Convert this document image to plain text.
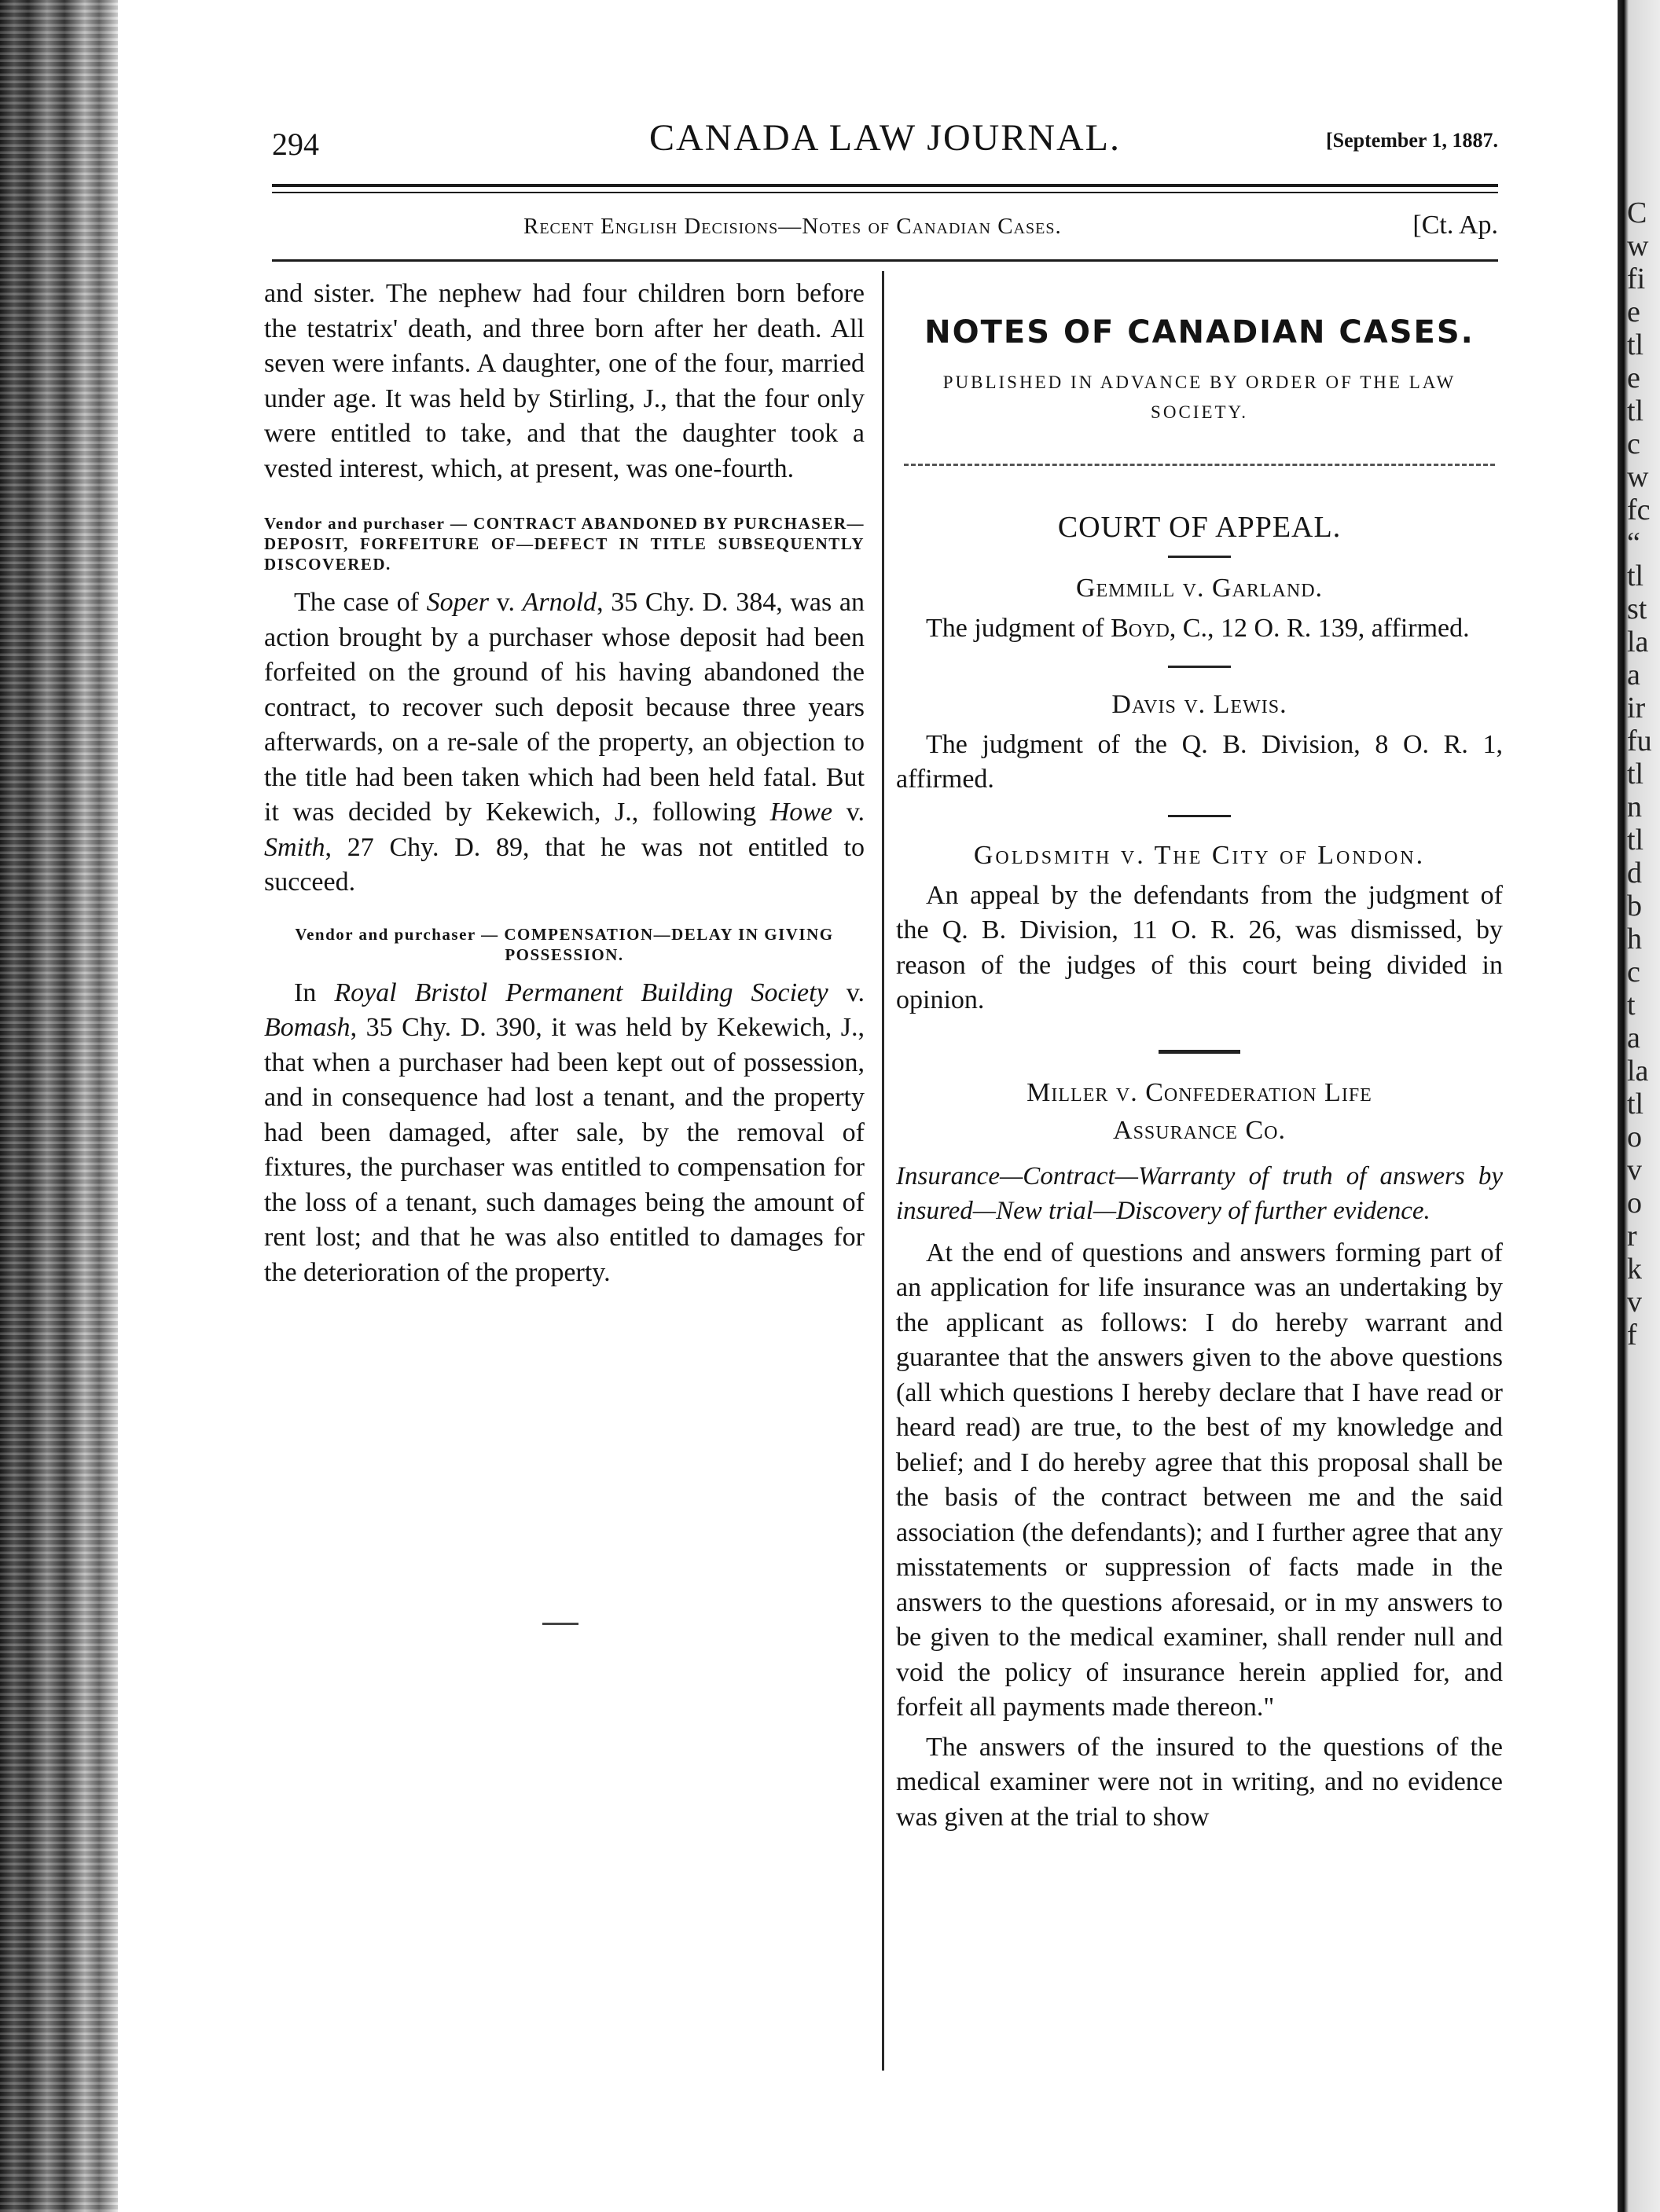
C
w
fi
e
tl
e
tl
c
w
fc
“
tl
st
la
a
ir
fu
tl
n
tl
d
b
h
c
t
a
la
tl
o
v
o
r
k
v
f
294	CANADA LAW JOURNAL.	[September 1, 1887.
Recent English Decisions—Notes of Canadian Cases.	[Ct. Ap.

and sister. The nephew had four children born before the testatrix' death, and three born after her death. All seven were infants. A daughter, one of the four, married under age. It was held by Stirling, J., that the four only were entitled to take, and that the daughter took a vested interest, which, at present, was one-fourth.

Vendor and purchaser — CONTRACT ABANDONED BY PURCHASER—DEPOSIT, FORFEITURE OF—DEFECT IN TITLE SUBSEQUENTLY DISCOVERED.

The case of Soper v. Arnold, 35 Chy. D. 384, was an action brought by a purchaser whose deposit had been forfeited on the ground of his having abandoned the contract, to recover such deposit because three years afterwards, on a re-sale of the property, an objection to the title had been taken which had been held fatal. But it was decided by Kekewich, J., following Howe v. Smith, 27 Chy. D. 89, that he was not entitled to succeed.

Vendor and purchaser — COMPENSATION—DELAY IN GIVING POSSESSION.

In Royal Bristol Permanent Building Society v. Bomash, 35 Chy. D. 390, it was held by Kekewich, J., that when a purchaser had been kept out of possession, and in consequence had lost a tenant, and the property had been damaged, after sale, by the removal of fixtures, the purchaser was entitled to compensation for the loss of a tenant, such damages being the amount of rent lost; and that he was also entitled to damages for the deterioration of the property.

NOTES OF CANADIAN CASES.

PUBLISHED IN ADVANCE BY ORDER OF THE LAW SOCIETY.

COURT OF APPEAL.

Gemmill v. Garland.

The judgment of Boyd, C., 12 O. R. 139, affirmed.

Davis v. Lewis.

The judgment of the Q. B. Division, 8 O. R. 1, affirmed.

Goldsmith v. The City of London.

An appeal by the defendants from the judgment of the Q. B. Division, 11 O. R. 26, was dismissed, by reason of the judges of this court being divided in opinion.

Miller v. Confederation Life
Assurance Co.

Insurance—Contract—Warranty of truth of answers by insured—New trial—Discovery of further evidence.

At the end of questions and answers forming part of an application for life insurance was an undertaking by the applicant as follows: I do hereby warrant and guarantee that the answers given to the above questions (all which questions I hereby declare that I have read or heard read) are true, to the best of my knowledge and belief; and I do hereby agree that this proposal shall be the basis of the contract between me and the said association (the defendants); and I further agree that any misstatements or suppression of facts made in the answers to the questions aforesaid, or in my answers to be given to the medical examiner, shall render null and void the policy of insurance herein applied for, and forfeit all payments made thereon."

The answers of the insured to the questions of the medical examiner were not in writing, and no evidence was given at the trial to show
